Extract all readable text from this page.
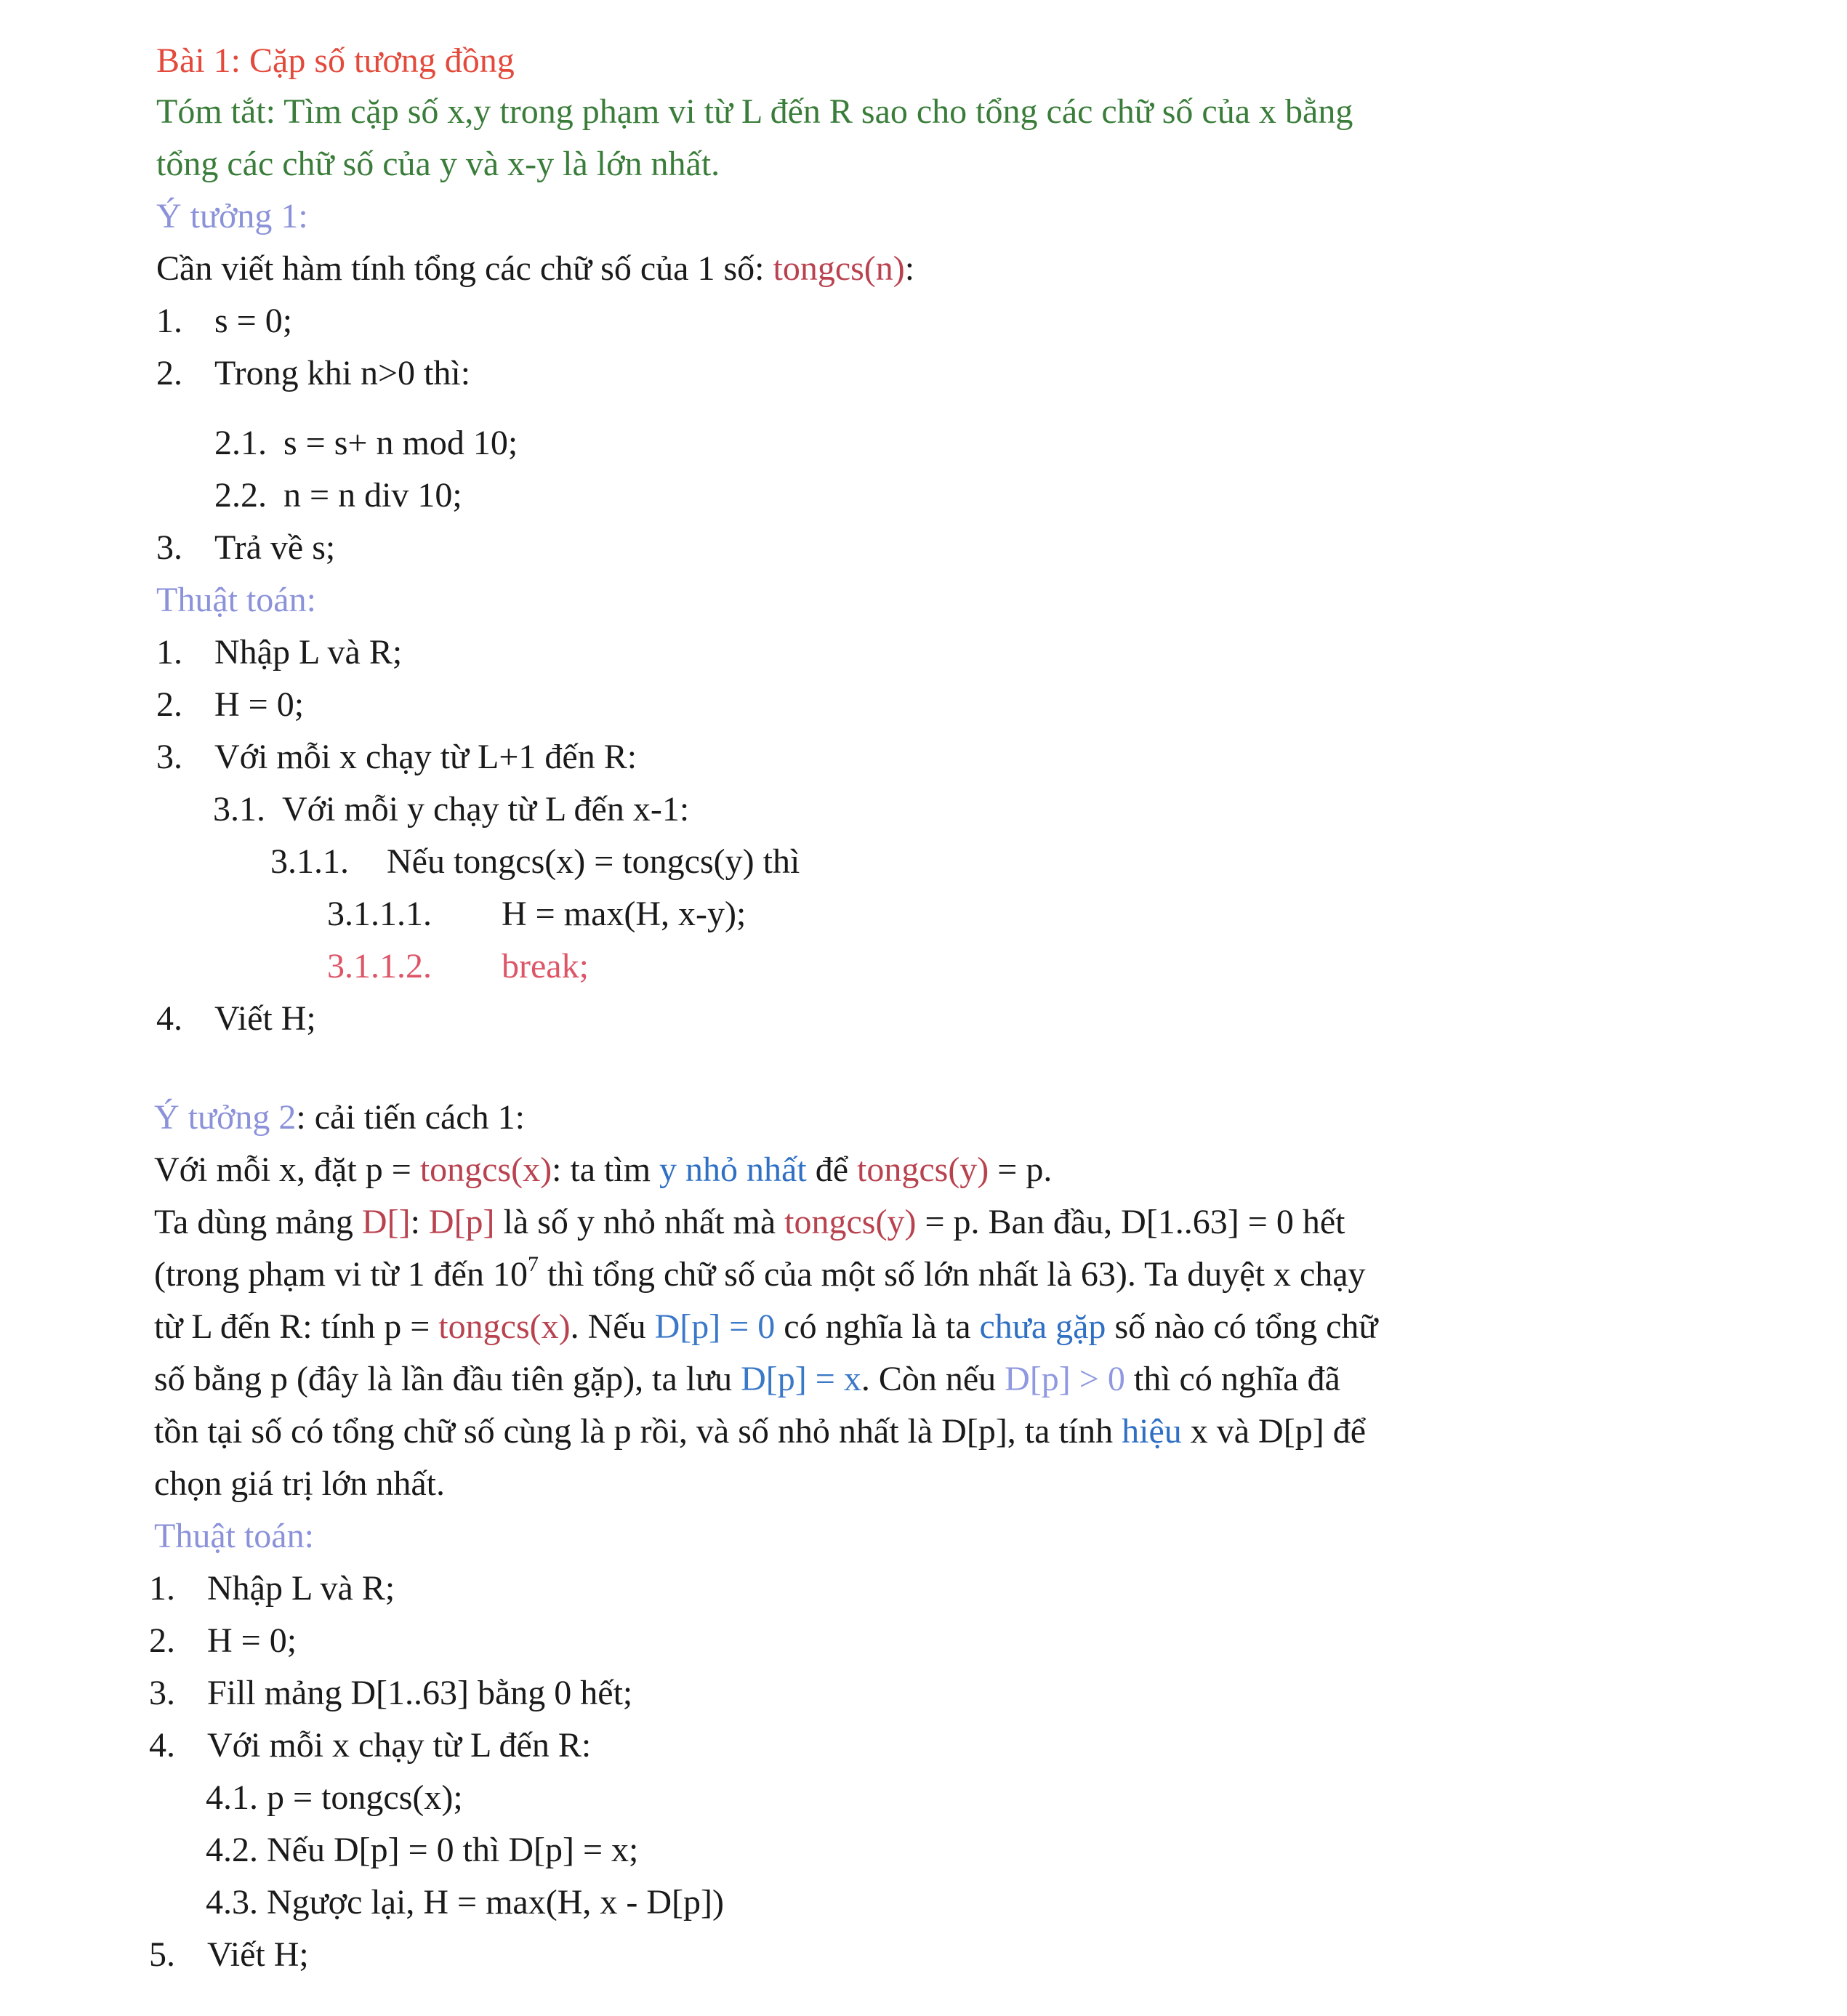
Bài 1: Cặp số tương đồng
Tóm tắt: Tìm cặp số x,y trong phạm vi từ L đến R sao cho tổng các chữ số của x bằng
tổng các chữ số của y và x-y là lớn nhất.
Ý tưởng 1:
Cần viết hàm tính tổng các chữ số của 1 số: tongcs(n):
1. s = 0;
2. Trong khi n>0 thì:
2.1. s = s+ n mod 10;
2.2. n = n div 10;
3. Trả về s;
Thuật toán:
1. Nhập L và R;
2. H = 0;
3. Với mỗi x chạy từ L+1 đến R:
3.1. Với mỗi y chạy từ L đến x-1:
3.1.1. Nếu tongcs(x) = tongcs(y) thì
3.1.1.1. H = max(H, x-y);
3.1.1.2. break;
4. Viết H;
Ý tưởng 2: cải tiến cách 1:
Với mỗi x, đặt p = tongcs(x): ta tìm y nhỏ nhất để tongcs(y) = p.
Ta dùng mảng D[]: D[p] là số y nhỏ nhất mà tongcs(y) = p. Ban đầu, D[1..63] = 0 hết
(trong phạm vi từ 1 đến $10^7$ thì tổng chữ số của một số lớn nhất là 63). Ta duyệt x chạy
từ L đến R: tính p = tongcs(x). Nếu D[p] = 0 có nghĩa là ta chưa gặp số nào có tổng chữ
số bằng p (đây là lần đầu tiên gặp), ta lưu D[p] = x. Còn nếu D[p] > 0 thì có nghĩa đã
tồn tại số có tổng chữ số cùng là p rồi, và số nhỏ nhất là D[p], ta tính hiệu x và D[p] để
chọn giá trị lớn nhất.
Thuật toán:
1. Nhập L và R;
2. H = 0;
3. Fill mảng D[1..63] bằng 0 hết;
4. Với mỗi x chạy từ L đến R:
4.1. p = tongcs(x);
4.2. Nếu D[p] = 0 thì D[p] = x;
4.3. Ngược lại, H = max(H, x - D[p])
5. Viết H;
